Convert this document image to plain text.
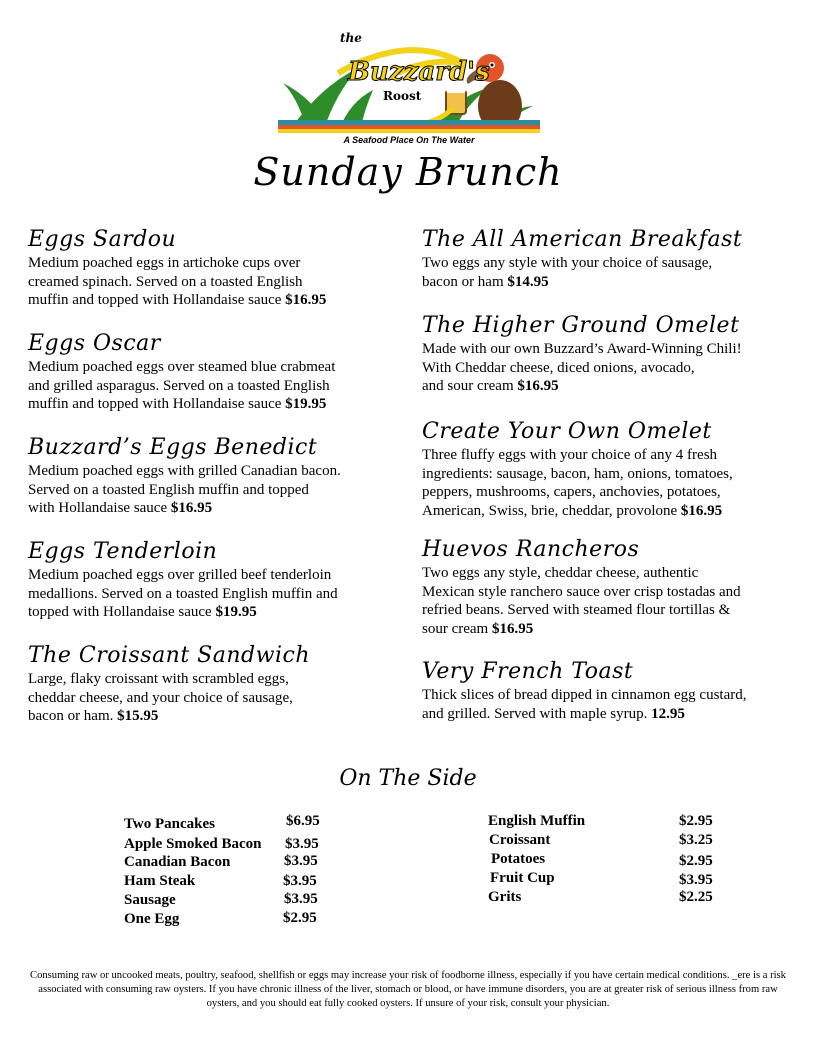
the
Buzzard's
Roost
A Seafood Place On The Water
Sunday Brunch

Eggs Sardou

Medium poached eggs in artichoke cups over
creamed spinach. Served on a toasted English
muffin and topped with Hollandaise sauce $16.95

Eggs Oscar

Medium poached eggs over steamed blue crabmeat
and grilled asparagus. Served on a toasted English
muffin and topped with Hollandaise sauce $19.95

Buzzard’s Eggs Benedict

Medium poached eggs with grilled Canadian bacon.
Served on a toasted English muffin and topped
with Hollandaise sauce $16.95

Eggs Tenderloin

Medium poached eggs over grilled beef tenderloin
medallions. Served on a toasted English muffin and
topped with Hollandaise sauce $19.95

The Croissant Sandwich

Large, flaky croissant with scrambled eggs,
cheddar cheese, and your choice of sausage,
bacon or ham. $15.95

The All American Breakfast

Two eggs any style with your choice of sausage,
bacon or ham $14.95

The Higher Ground Omelet

Made with our own Buzzard’s Award-Winning Chili!
With Cheddar cheese, diced onions, avocado,
and sour cream $16.95

Create Your Own Omelet

Three fluffy eggs with your choice of any 4 fresh
ingredients: sausage, bacon, ham, onions, tomatoes,
peppers, mushrooms, capers, anchovies, potatoes,
American, Swiss, brie, cheddar, provolone $16.95

Huevos Rancheros

Two eggs any style, cheddar cheese, authentic
Mexican style ranchero sauce over crisp tostadas and
refried beans. Served with steamed flour tortillas &
sour cream $16.95

Very French Toast

Thick slices of bread dipped in cinnamon egg custard,
and grilled. Served with maple syrup. 12.95

On The Side
Two Pancakes	$6.95
Apple Smoked Bacon $3.95
Canadian Bacon	$3.95
Ham Steak	$3.95
Sausage	$3.95
One Egg	$2.95
English Muffin	$2.95
Croissant	$3.25
Potatoes	$2.95
Fruit Cup	$3.95
Grits	$2.25
Consuming raw or uncooked meats, poultry, seafood, shellfish or eggs may increase your risk of foodborne illness, especially if you have certain medical conditions. _ere is a risk associated with consuming raw oysters. If you have chronic illness of the liver, stomach or blood, or have immune disorders, you are at greater risk of serious illness from raw oysters, and you should eat fully cooked oysters. If unsure of your risk, consult your physician.
